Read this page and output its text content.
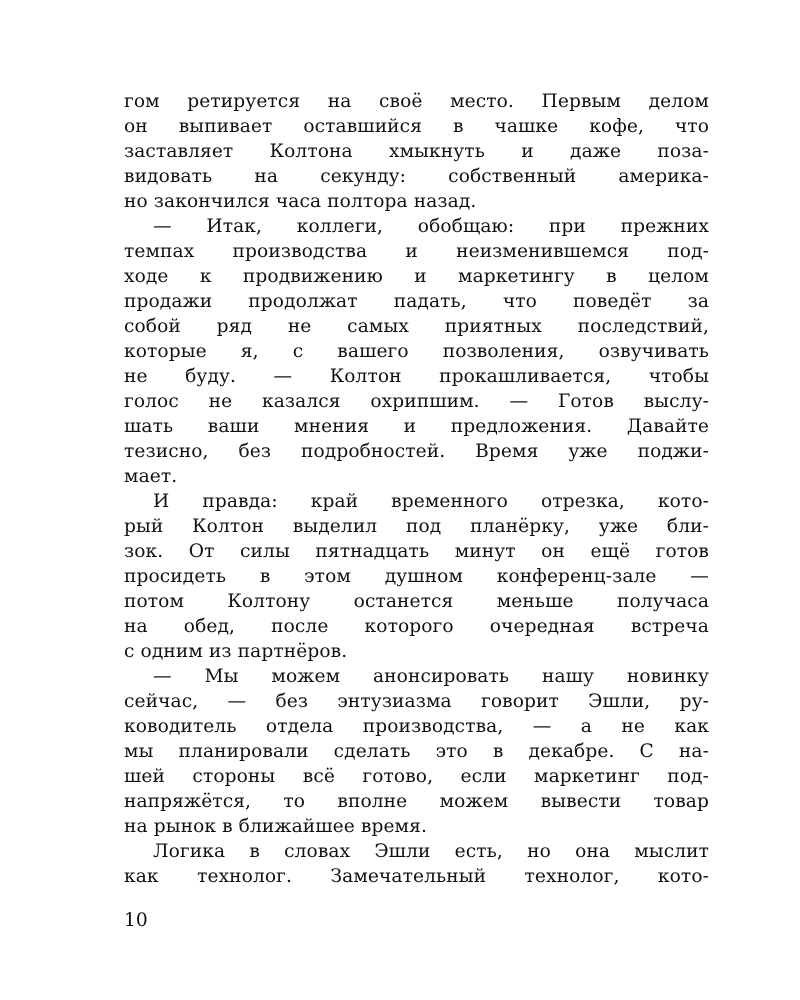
гом ретируется на своё место. Первым делом
он выпивает оставшийся в чашке кофе, что
заставляет Колтона хмыкнуть и даже поза-
видовать на секунду: собственный америка-
но закончился часа полтора назад.
— Итак, коллеги, обобщаю: при прежних
темпах производства и неизменившемся под-
ходе к продвижению и маркетингу в целом
продажи продолжат падать, что поведёт за
собой ряд не самых приятных последствий,
которые я, с вашего позволения, озвучивать
не буду. — Колтон прокашливается, чтобы
голос не казался охрипшим. — Готов выслу-
шать ваши мнения и предложения. Давайте
тезисно, без подробностей. Время уже поджи-
мает.
И правда: край временного отрезка, кото-
рый Колтон выделил под планёрку, уже бли-
зок. От силы пятнадцать минут он ещё готов
просидеть в этом душном конференц-зале —
потом Колтону останется меньше получаса
на обед, после которого очередная встреча
с одним из партнёров.
— Мы можем анонсировать нашу новинку
сейчас, — без энтузиазма говорит Эшли, ру-
ководитель отдела производства, — а не как
мы планировали сделать это в декабре. С на-
шей стороны всё готово, если маркетинг под-
напряжётся, то вполне можем вывести товар
на рынок в ближайшее время.
Логика в словах Эшли есть, но она мыслит
как технолог. Замечательный технолог, кото-
10
